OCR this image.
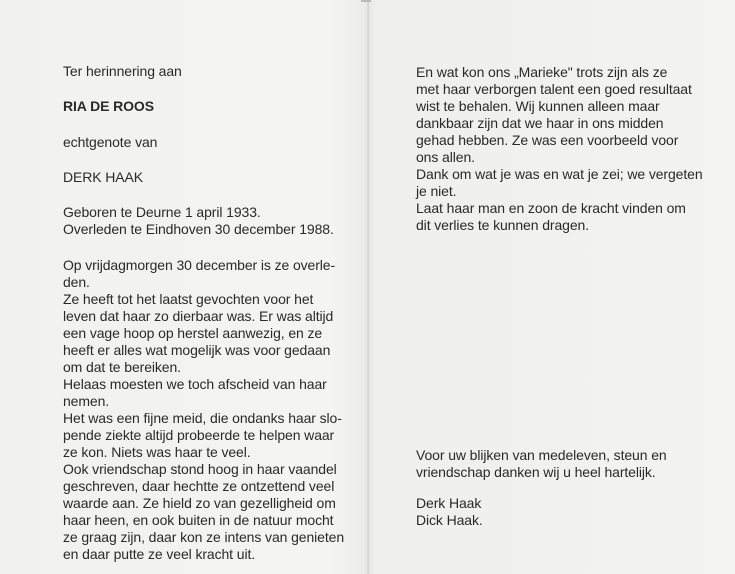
Ter herinnering aan

RIA DE ROOS

echtgenote van

DERK HAAK

Geboren te Deurne 1 april 1933.

Overleden te Eindhoven 30 december 1988.

Op vrijdagmorgen 30 december is ze overle-
den.
Ze heeft tot het laatst gevochten voor het
leven dat haar zo dierbaar was. Er was altijd
een vage hoop op herstel aanwezig, en ze
heeft er alles wat mogelijk was voor gedaan
om dat te bereiken.
Helaas moesten we toch afscheid van haar
nemen.
Het was een fijne meid, die ondanks haar slo-
pende ziekte altijd probeerde te helpen waar
ze kon. Niets was haar te veel.
Ook vriendschap stond hoog in haar vaandel
geschreven, daar hechtte ze ontzettend veel
waarde aan. Ze hield zo van gezelligheid om
haar heen, en ook buiten in de natuur mocht
ze graag zijn, daar kon ze intens van genieten
en daar putte ze veel kracht uit.
En wat kon ons „Marieke" trots zijn als ze
met haar verborgen talent een goed resultaat
wist te behalen. Wij kunnen alleen maar
dankbaar zijn dat we haar in ons midden
gehad hebben. Ze was een voorbeeld voor
ons allen.
Dank om wat je was en wat je zei; we vergeten
je niet.
Laat haar man en zoon de kracht vinden om
dit verlies te kunnen dragen.
Voor uw blijken van medeleven, steun en
vriendschap danken wij u heel hartelijk.
Derk Haak
Dick Haak.
